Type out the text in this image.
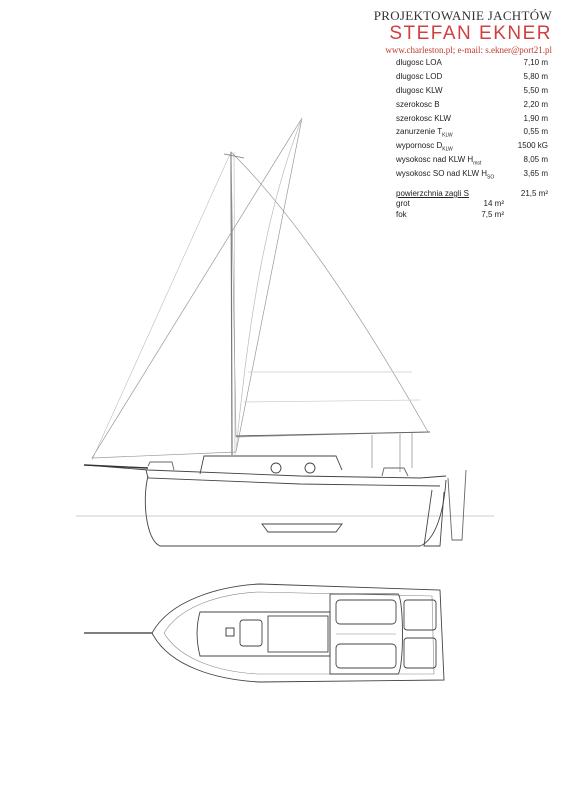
PROJEKTOWANIE JACHTÓW
STEFAN EKNER
www.charleston.pl; e-mail: s.ekner@port21.pl
dlugosc LOA	7,10 m
dlugosc LOD	5,80 m
dlugosc KLW	5,50 m
szerokosc B	2,20 m
szerokosc KLW	1,90 m
zanurzenie $T_{KLW}$	0,55 m
wypornosc $D_{KLW}$	1500 kG
wysokosc nad KLW $H_{mst}$	8,05 m
wysokosc SO nad KLW $H_{SO}$	3,65 m
powierzchnia zagli S	21,5 m²
grot	14 m²
fok	7,5 m²
